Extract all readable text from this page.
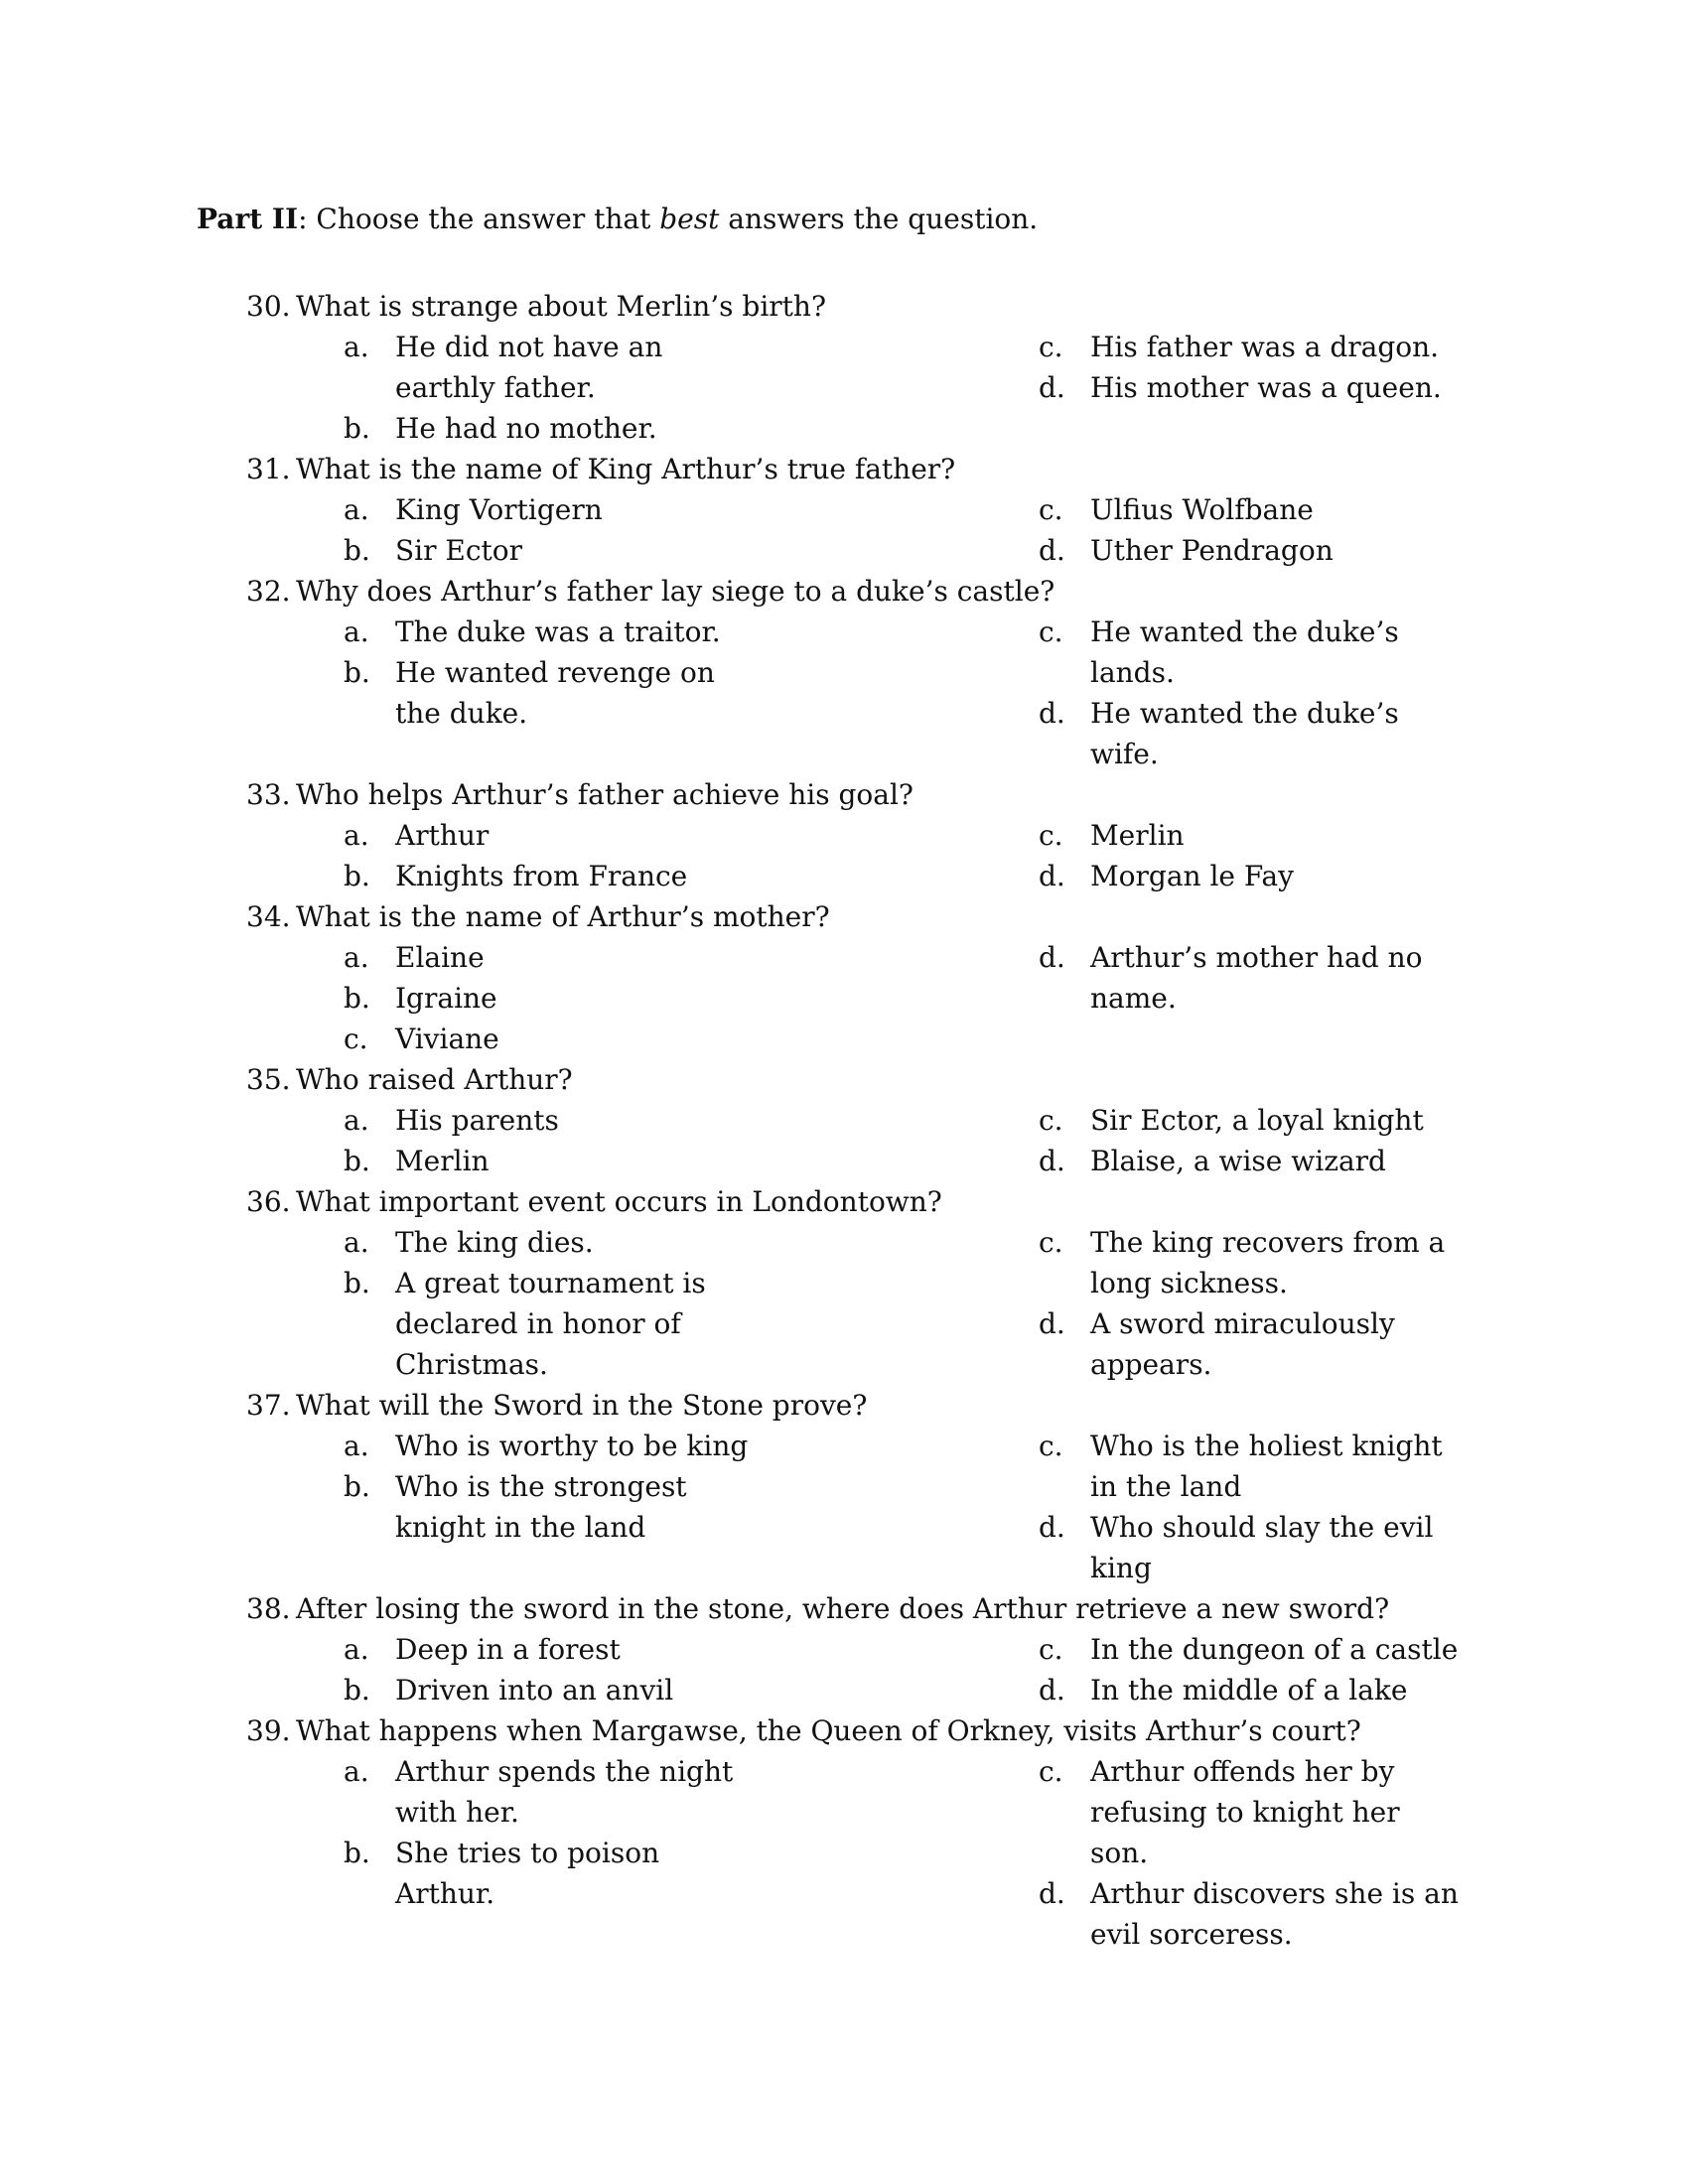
Part II: Choose the answer that best answers the question.
30. What is strange about Merlin’s birth?
a. He did not have an earthly father.
b. He had no mother.
c. His father was a dragon.
d. His mother was a queen.
31. What is the name of King Arthur’s true father?
a. King Vortigern
b. Sir Ector
c. Ulfius Wolfbane
d. Uther Pendragon
32. Why does Arthur’s father lay siege to a duke’s castle?
a. The duke was a traitor.
b. He wanted revenge on the duke.
c. He wanted the duke’s lands.
d. He wanted the duke’s wife.
33. Who helps Arthur’s father achieve his goal?
a. Arthur
b. Knights from France
c. Merlin
d. Morgan le Fay
34. What is the name of Arthur’s mother?
a. Elaine
b. Igraine
c. Viviane
d. Arthur’s mother had no name.
35. Who raised Arthur?
a. His parents
b. Merlin
c. Sir Ector, a loyal knight
d. Blaise, a wise wizard
36. What important event occurs in Londontown?
a. The king dies.
b. A great tournament is declared in honor of Christmas.
c. The king recovers from a long sickness.
d. A sword miraculously appears.
37. What will the Sword in the Stone prove?
a. Who is worthy to be king
b. Who is the strongest knight in the land
c. Who is the holiest knight in the land
d. Who should slay the evil king
38. After losing the sword in the stone, where does Arthur retrieve a new sword?
a. Deep in a forest
b. Driven into an anvil
c. In the dungeon of a castle
d. In the middle of a lake
39. What happens when Margawse, the Queen of Orkney, visits Arthur’s court?
a. Arthur spends the night with her.
b. She tries to poison Arthur.
c. Arthur offends her by refusing to knight her son.
d. Arthur discovers she is an evil sorceress.
